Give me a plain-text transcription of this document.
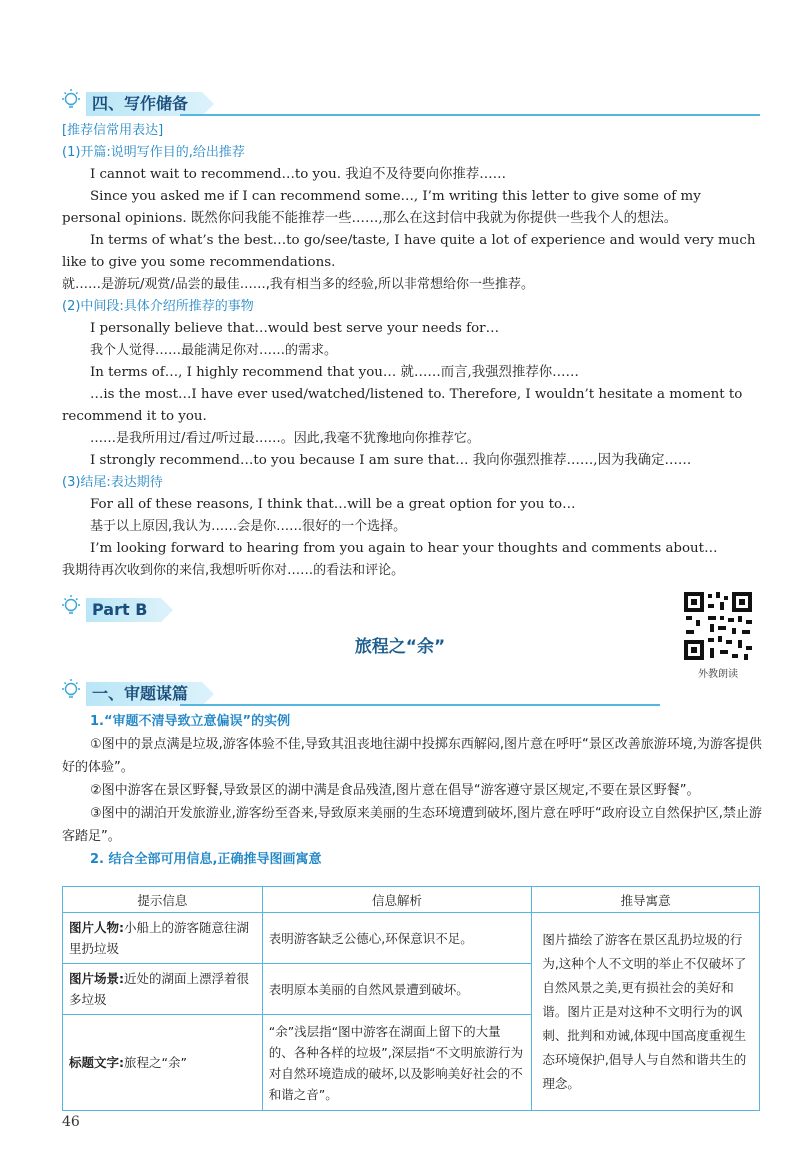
四、写作储备

[推荐信常用表达]

(1)开篇:说明写作目的,给出推荐

I cannot wait to recommend…to you. 我迫不及待要向你推荐……

Since you asked me if I can recommend some…, I’m writing this letter to give some of my personal opinions. 既然你问我能不能推荐一些……,那么在这封信中我就为你提供一些我个人的想法。

In terms of what’s the best…to go/see/taste, I have quite a lot of experience and would very much like to give you some recommendations.

就……是游玩/观赏/品尝的最佳……,我有相当多的经验,所以非常想给你一些推荐。

(2)中间段:具体介绍所推荐的事物

I personally believe that…would best serve your needs for…

我个人觉得……最能满足你对……的需求。

In terms of…, I highly recommend that you… 就……而言,我强烈推荐你……

…is the most…I have ever used/watched/listened to. Therefore, I wouldn’t hesitate a moment to recommend it to you.

……是我所用过/看过/听过最……。因此,我毫不犹豫地向你推荐它。

I strongly recommend…to you because I am sure that… 我向你强烈推荐……,因为我确定……

(3)结尾:表达期待

For all of these reasons, I think that…will be a great option for you to…

基于以上原因,我认为……会是你……很好的一个选择。

I’m looking forward to hearing from you again to hear your thoughts and comments about…

我期待再次收到你的来信,我想听听你对……的看法和评论。

Part B
外教朗读
旅程之“余”
一、审题谋篇

1.“审题不清导致立意偏误”的实例

①图中的景点满是垃圾,游客体验不佳,导致其沮丧地往湖中投掷东西解闷,图片意在呼吁“景区改善旅游环境,为游客提供好的体验”。

②图中游客在景区野餐,导致景区的湖中满是食品残渣,图片意在倡导“游客遵守景区规定,不要在景区野餐”。

③图中的湖泊开发旅游业,游客纷至沓来,导致原来美丽的生态环境遭到破坏,图片意在呼吁“政府设立自然保护区,禁止游客踏足”。

2. 结合全部可用信息,正确推导图画寓意

提示信息	信息解析	推导寓意
图片人物:小船上的游客随意往湖里扔垃圾	表明游客缺乏公德心,环保意识不足。	图片描绘了游客在景区乱扔垃圾的行为,这种个人不文明的举止不仅破坏了自然风景之美,更有损社会的美好和谐。图片正是对这种不文明行为的讽刺、批判和劝诫,体现中国高度重视生态环境保护,倡导人与自然和谐共生的理念。
图片场景:近处的湖面上漂浮着很多垃圾	表明原本美丽的自然风景遭到破坏。	
标题文字:旅程之“余”	“余”浅层指“图中游客在湖面上留下的大量的、各种各样的垃圾”,深层指“不文明旅游行为对自然环境造成的破坏,以及影响美好社会的不和谐之音”。	
46
